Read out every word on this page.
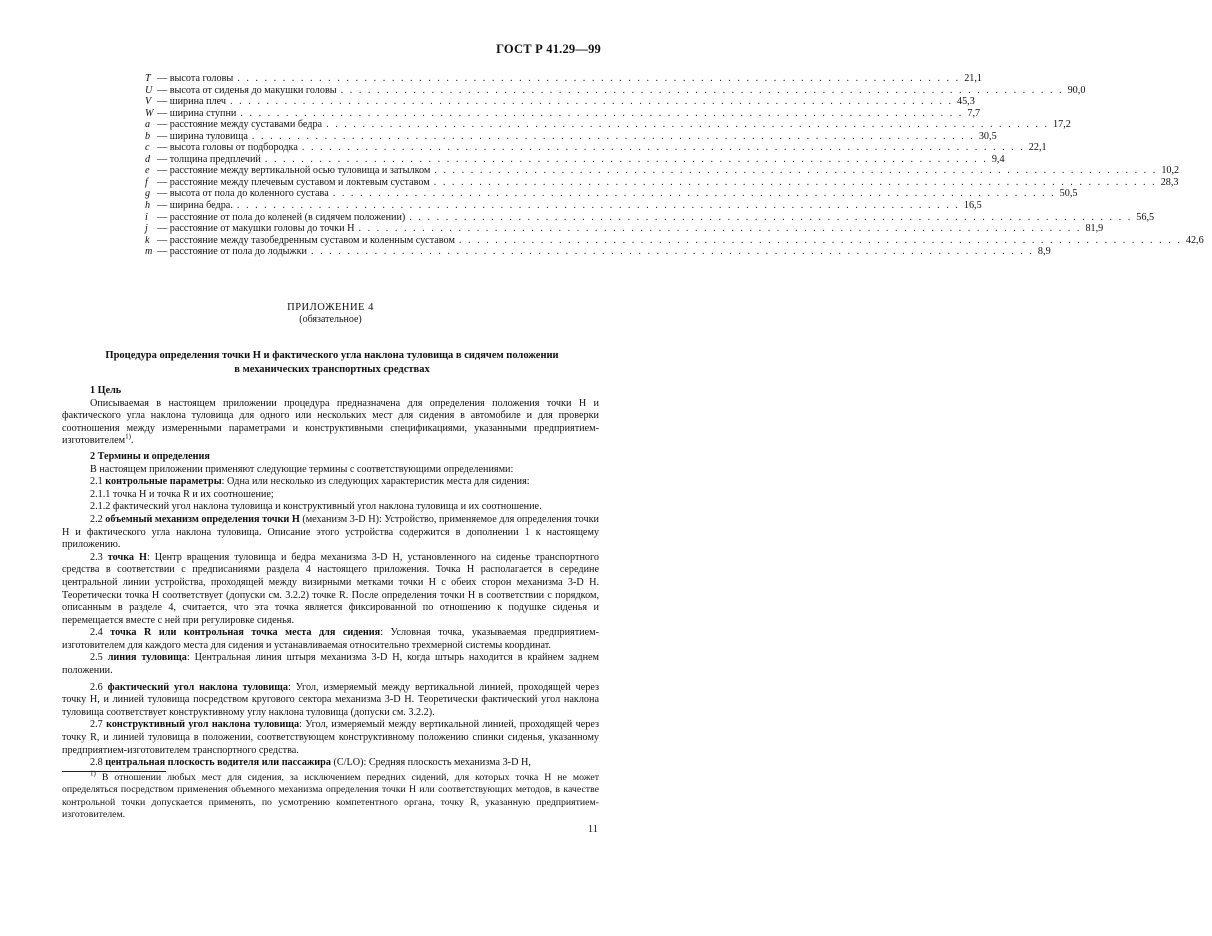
ГОСТ Р 41.29—99
T — высота головы . . . . . . . . . . . . . . . . . . . . . . . . . . . . . . . . . . . . . . . . . . . . . . . . . . . . . . . . . . . . . . . . . . . . . . . . . . . . . . . . 21,1
U — высота от сиденья до макушки головы . . . . . . . . . . . . . . . . . . . . . . . . . . . . . . . . . . . . . . . . . . . . . . . . . . . . . . . . . . . . . . . . . . . . . . . . . . . . . . . . 90,0
V — ширина плеч . . . . . . . . . . . . . . . . . . . . . . . . . . . . . . . . . . . . . . . . . . . . . . . . . . . . . . . . . . . . . . . . . . . . . . . . . . . . . . . . 45,3
W — ширина ступни . . . . . . . . . . . . . . . . . . . . . . . . . . . . . . . . . . . . . . . . . . . . . . . . . . . . . . . . . . . . . . . . . . . . . . . . . . . . . . . . 7,7
a — расстояние между суставами бедра . . . . . . . . . . . . . . . . . . . . . . . . . . . . . . . . . . . . . . . . . . . . . . . . . . . . . . . . . . . . . . . . . . . . . . . . . . . . . . . . 17,2
b — ширина туловища . . . . . . . . . . . . . . . . . . . . . . . . . . . . . . . . . . . . . . . . . . . . . . . . . . . . . . . . . . . . . . . . . . . . . . . . . . . . . . . . 30,5
c — высота головы от подбородка . . . . . . . . . . . . . . . . . . . . . . . . . . . . . . . . . . . . . . . . . . . . . . . . . . . . . . . . . . . . . . . . . . . . . . . . . . . . . . . . 22,1
d — толщина предплечий . . . . . . . . . . . . . . . . . . . . . . . . . . . . . . . . . . . . . . . . . . . . . . . . . . . . . . . . . . . . . . . . . . . . . . . . . . . . . . . . 9,4
e — расстояние между вертикальной осью туловища и затылком . . . . . . . . . . . . . . . . . . . . . . . . . . . . . . . . . . . . . . . . . . . . . . . . . . . . . . . . . . . . . . . . . . . . . . . . . . . . . . . . 10,2
f — расстояние между плечевым суставом и локтевым суставом . . . . . . . . . . . . . . . . . . . . . . . . . . . . . . . . . . . . . . . . . . . . . . . . . . . . . . . . . . . . . . . . . . . . . . . . . . . . . . . . 28,3
g — высота от пола до коленного сустава . . . . . . . . . . . . . . . . . . . . . . . . . . . . . . . . . . . . . . . . . . . . . . . . . . . . . . . . . . . . . . . . . . . . . . . . . . . . . . . . 50,5
h — ширина бедра. . . . . . . . . . . . . . . . . . . . . . . . . . . . . . . . . . . . . . . . . . . . . . . . . . . . . . . . . . . . . . . . . . . . . . . . . . . . . . . . . 16,5
i — расстояние от пола до коленей (в сидячем положении) . . . . . . . . . . . . . . . . . . . . . . . . . . . . . . . . . . . . . . . . . . . . . . . . . . . . . . . . . . . . . . . . . . . . . . . . . . . . . . . . 56,5
j — расстояние от макушки головы до точки H . . . . . . . . . . . . . . . . . . . . . . . . . . . . . . . . . . . . . . . . . . . . . . . . . . . . . . . . . . . . . . . . . . . . . . . . . . . . . . . . 81,9
k — расстояние между тазобедренным суставом и коленным суставом . . . . . . . . . . . . . . . . . . . . . . . . . . . . . . . . . . . . . . . . . . . . . . . . . . . . . . . . . . . . . . . . . . . . . . . . . . . . . . . . 42,6
m — расстояние от пола до лодыжки . . . . . . . . . . . . . . . . . . . . . . . . . . . . . . . . . . . . . . . . . . . . . . . . . . . . . . . . . . . . . . . . . . . . . . . . . . . . . . . . 8,9
ПРИЛОЖЕНИЕ 4
(обязательное)
Процедура определения точки H и фактического угла наклона туловища в сидячем положении
в механических транспортных средствах
1 Цель

Описываемая в настоящем приложении процедура предназначена для определения положения точки H и фактического угла наклона туловища для одного или нескольких мест для сидения в автомобиле и для проверки соотношения между измеренными параметрами и конструктивными спецификациями, указанными предприятием-изготовителем$^{1)}$.

2 Термины и определения

В настоящем приложении применяют следующие термины с соответствующими определениями:

2.1 контрольные параметры: Одна или несколько из следующих характеристик места для сидения:

2.1.1 точка H и точка R и их соотношение;

2.1.2 фактический угол наклона туловища и конструктивный угол наклона туловища и их соотношение.

2.2 объемный механизм определения точки H (механизм 3-D H): Устройство, применяемое для определения точки H и фактического угла наклона туловища. Описание этого устройства содержится в дополнении 1 к настоящему приложению.

2.3 точка H: Центр вращения туловища и бедра механизма 3-D H, установленного на сиденье транспортного средства в соответствии с предписаниями раздела 4 настоящего приложения. Точка H располагается в середине центральной линии устройства, проходящей между визирными метками точки H с обеих сторон механизма 3-D H. Теоретически точка H соответствует (допуски см. 3.2.2) точке R. После определения точки H в соответствии с порядком, описанным в разделе 4, считается, что эта точка является фиксированной по отношению к подушке сиденья и перемещается вместе с ней при регулировке сиденья.

2.4 точка R или контрольная точка места для сидения: Условная точка, указываемая предприятием-изготовителем для каждого места для сидения и устанавливаемая относительно трехмерной системы координат.

2.5 линия туловища: Центральная линия штыря механизма 3-D H, когда штырь находится в крайнем заднем положении.

2.6 фактический угол наклона туловища: Угол, измеряемый между вертикальной линией, проходящей через точку H, и линией туловища посредством кругового сектора механизма 3-D H. Теоретически фактический угол наклона туловища соответствует конструктивному углу наклона туловища (допуски см. 3.2.2).

2.7 конструктивный угол наклона туловища: Угол, измеряемый между вертикальной линией, проходящей через точку R, и линией туловища в положении, соответствующем конструктивному положению спинки сиденья, указанному предприятием-изготовителем транспортного средства.

2.8 центральная плоскость водителя или пассажира (C/LO): Средняя плоскость механизма 3-D H,

$^{1)}$ В отношении любых мест для сидения, за исключением передних сидений, для которых точка H не может определяться посредством применения объемного механизма определения точки H или соответствующих методов, в качестве контрольной точки допускается применять, по усмотрению компетентного органа, точку R, указанную предприятием-изготовителем.

11
